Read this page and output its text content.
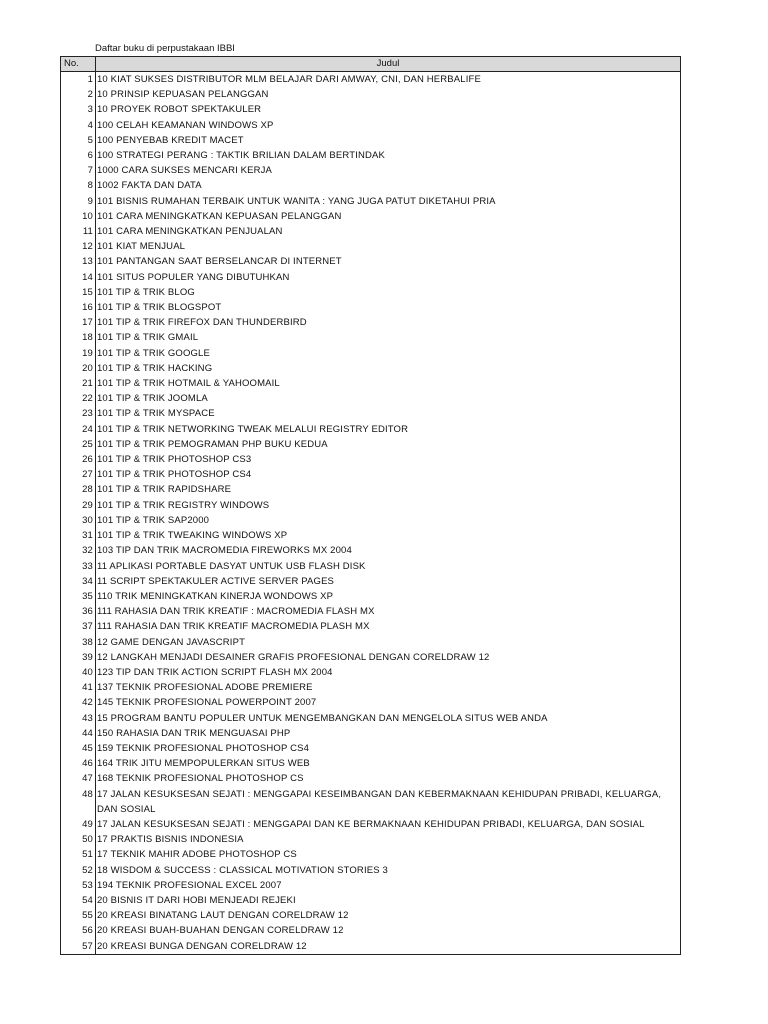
Daftar buku di perpustakaan IBBI
No.	Judul
1	10 KIAT SUKSES DISTRIBUTOR MLM BELAJAR DARI AMWAY, CNI, DAN HERBALIFE
2	10 PRINSIP KEPUASAN PELANGGAN
3	10 PROYEK ROBOT SPEKTAKULER
4	100 CELAH KEAMANAN WINDOWS XP
5	100 PENYEBAB KREDIT MACET
6	100 STRATEGI PERANG : TAKTIK BRILIAN DALAM BERTINDAK
7	1000 CARA SUKSES MENCARI KERJA
8	1002 FAKTA DAN DATA
9	101 BISNIS RUMAHAN TERBAIK UNTUK WANITA : YANG JUGA PATUT DIKETAHUI PRIA
10	101 CARA MENINGKATKAN KEPUASAN PELANGGAN
11	101 CARA MENINGKATKAN PENJUALAN
12	101 KIAT MENJUAL
13	101 PANTANGAN SAAT BERSELANCAR DI INTERNET
14	101 SITUS POPULER YANG DIBUTUHKAN
15	101 TIP & TRIK BLOG
16	101 TIP & TRIK BLOGSPOT
17	101 TIP & TRIK FIREFOX DAN THUNDERBIRD
18	101 TIP & TRIK GMAIL
19	101 TIP & TRIK GOOGLE
20	101 TIP & TRIK HACKING
21	101 TIP & TRIK HOTMAIL & YAHOOMAIL
22	101 TIP & TRIK JOOMLA
23	101 TIP & TRIK MYSPACE
24	101 TIP & TRIK NETWORKING TWEAK MELALUI REGISTRY EDITOR
25	101 TIP & TRIK PEMOGRAMAN PHP BUKU KEDUA
26	101 TIP & TRIK PHOTOSHOP CS3
27	101 TIP & TRIK PHOTOSHOP CS4
28	101 TIP & TRIK RAPIDSHARE
29	101 TIP & TRIK REGISTRY WINDOWS
30	101 TIP & TRIK SAP2000
31	101 TIP & TRIK TWEAKING WINDOWS XP
32	103 TIP DAN TRIK MACROMEDIA FIREWORKS MX 2004
33	11 APLIKASI PORTABLE DASYAT UNTUK USB FLASH DISK
34	11 SCRIPT SPEKTAKULER ACTIVE SERVER PAGES
35	110 TRIK MENINGKATKAN KINERJA WONDOWS XP
36	111 RAHASIA DAN TRIK KREATIF : MACROMEDIA FLASH MX
37	111 RAHASIA DAN TRIK KREATIF MACROMEDIA PLASH MX
38	12 GAME DENGAN JAVASCRIPT
39	12 LANGKAH MENJADI DESAINER GRAFIS PROFESIONAL DENGAN CORELDRAW 12
40	123 TIP DAN TRIK ACTION SCRIPT FLASH MX 2004
41	137 TEKNIK PROFESIONAL ADOBE PREMIERE
42	145 TEKNIK PROFESIONAL POWERPOINT 2007
43	15 PROGRAM BANTU POPULER UNTUK MENGEMBANGKAN DAN MENGELOLA SITUS WEB ANDA
44	150 RAHASIA DAN TRIK MENGUASAI PHP
45	159 TEKNIK PROFESIONAL PHOTOSHOP CS4
46	164 TRIK JITU MEMPOPULERKAN SITUS WEB
47	168 TEKNIK PROFESIONAL PHOTOSHOP CS
48	17 JALAN KESUKSESAN SEJATI : MENGGAPAI KESEIMBANGAN DAN KEBERMAKNAAN KEHIDUPAN PRIBADI, KELUARGA, DAN SOSIAL
49	17 JALAN KESUKSESAN SEJATI : MENGGAPAI DAN KE BERMAKNAAN KEHIDUPAN PRIBADI, KELUARGA, DAN SOSIAL
50	17 PRAKTIS BISNIS INDONESIA
51	17 TEKNIK MAHIR ADOBE PHOTOSHOP CS
52	18 WISDOM & SUCCESS : CLASSICAL MOTIVATION STORIES 3
53	194 TEKNIK PROFESIONAL EXCEL 2007
54	20 BISNIS IT DARI HOBI MENJEADI REJEKI
55	20 KREASI BINATANG LAUT DENGAN CORELDRAW 12
56	20 KREASI BUAH-BUAHAN DENGAN CORELDRAW 12
57	20 KREASI BUNGA DENGAN CORELDRAW 12
